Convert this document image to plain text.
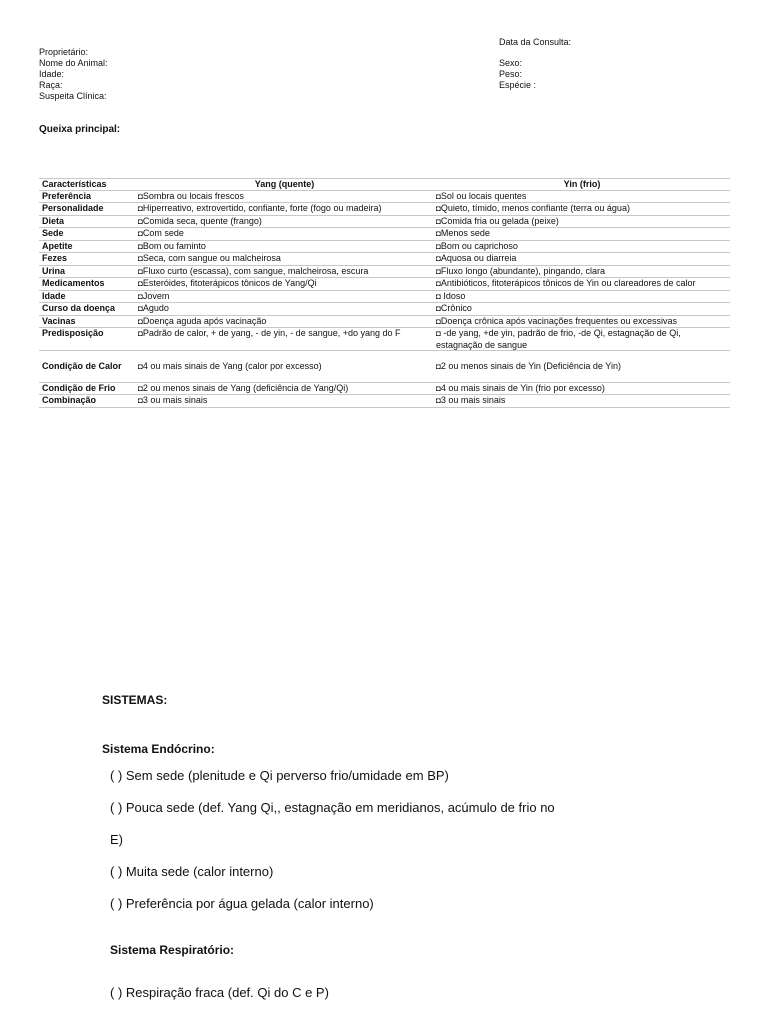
Proprietário:
Nome do Animal:
Idade:
Raça:
Suspeita Clínica:
Data da Consulta:
Sexo:
Peso:
Espécie :
Queixa principal:
Características	Yang (quente)	Yin (frio)
Preferência	◘Sombra ou locais frescos	◘Sol ou locais quentes
Personalidade	◘Hiperreativo, extrovertido, confiante, forte (fogo ou madeira)	◘Quieto, tímido, menos confiante (terra ou água)
Dieta	◘Comida seca, quente (frango)	◘Comida fria ou gelada (peixe)
Sede	◘Com sede	◘Menos sede
Apetite	◘Bom ou faminto	◘Bom ou caprichoso
Fezes	◘Seca, com sangue ou malcheirosa	◘Aquosa ou diarreia
Urina	◘Fluxo curto (escassa), com sangue, malcheirosa, escura	◘Fluxo longo (abundante), pingando, clara
Medicamentos	◘Esteróides, fitoterápicos tônicos de Yang/Qi	◘Antibióticos, fitoterápicos tônicos de Yin ou clareadores de calor
Idade	◘Jovem	◘ Idoso
Curso da doença	◘Agudo	◘Crônico
Vacinas	◘Doença aguda após vacinação	◘Doença crônica após vacinações frequentes ou excessivas
Predisposição	◘Padrão de calor, + de yang, - de yin, - de sangue, +do yang do F	◘ -de yang, +de yin, padrão de frio, -de Qi, estagnação de Qi, estagnação de sangue
Condição de Calor	◘4 ou mais sinais de Yang (calor por excesso)	◘2 ou menos sinais de Yin (Deficiência de Yin)
Condição de Frio	◘2 ou menos sinais de Yang (deficiência de Yang/Qi)	◘4 ou mais sinais de Yin (frio por excesso)
Combinação	◘3 ou mais sinais	◘3 ou mais sinais
SISTEMAS:
Sistema Endócrino:
( ) Sem sede (plenitude e Qi perverso frio/umidade em BP)
( ) Pouca sede (def. Yang Qi,, estagnação em meridianos, acúmulo de frio no
E)
( ) Muita sede (calor interno)
( ) Preferência por água gelada (calor interno)
Sistema Respiratório:
( ) Respiração fraca (def. Qi do C e P)
